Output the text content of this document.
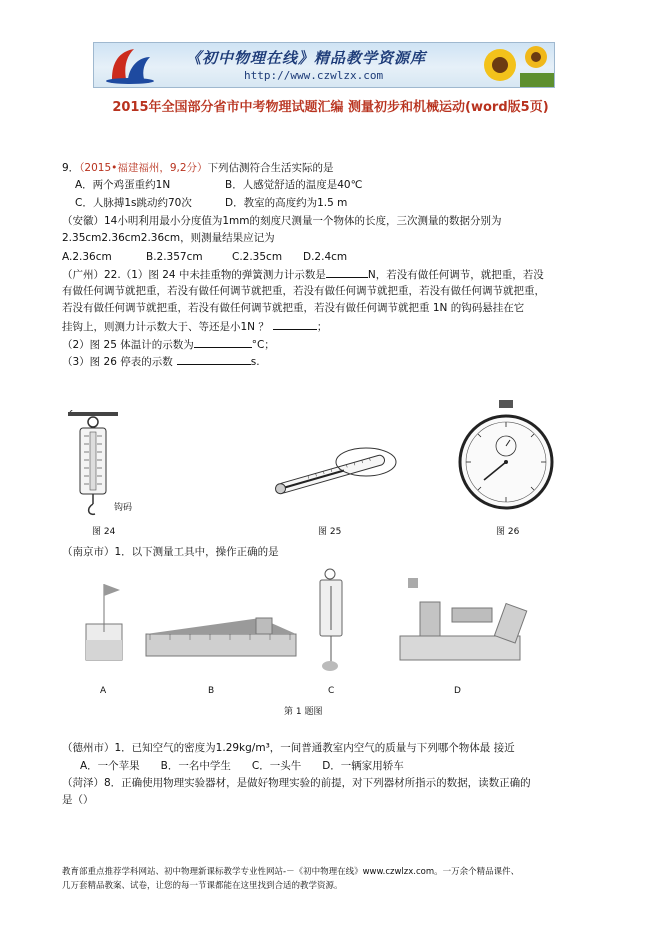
《初中物理在线》精品教学资源库
http://www.czwlzx.com
2015年全国部分省市中考物理试题汇编 测量初步和机械运动(word版5页)
9．（2015•福建福州，9,2分）下列估测符合生活实际的是
A．两个鸡蛋重约1N	B．人感觉舒适的温度是40℃
C．人脉搏1s跳动约70次	D．教室的高度约为1.5 m
（安徽）14小明利用最小分度值为1mm的刻度尺测量一个物体的长度，三次测量的数据分别为
2.35cm2.36cm2.36cm，则测量结果应记为
A.2.36cm	B.2.357cm	C.2.35cm D.2.4cm
（广州）22.（1）图 24 中未挂重物的弹簧测力计示数是	N，若没有做任何调节，就把重，若没
有做任何调节就把重，若没有做任何调节就把重，若没有做任何调节就把重，若没有做任何调节就把重，
若没有做任何调节就把重，若没有做任何调节就把重，若没有做任何调节就把重 1N 的钩码悬挂在它
挂钩上，则测力计示数大于、等还是小1N ？	；
（2）图 25 体温计的示数为	°C；
（3）图 26 停表的示数	s.
钩码
图 24	图 25	图 26
（南京市）1．以下测量工具中，操作正确的是
A	B	C	D
第 1 题图
（德州市）1．已知空气的密度为1.29kg/m³，一间普通教室内空气的质量与下列哪个物体最 接近
A．一个苹果　　B．一名中学生　　C．一头牛　　D．一辆家用轿车
（菏泽）8．正确使用物理实验器材，是做好物理实验的前提，对下列器材所指示的数据，读数正确的
是（）
教育部重点推荐学科网站、初中物理新课标教学专业性网站-－《初中物理在线》www.czwlzx.com。一万余个精品课件、
几万套精品教案、试卷，让您的每一节课都能在这里找到合适的教学资源。
